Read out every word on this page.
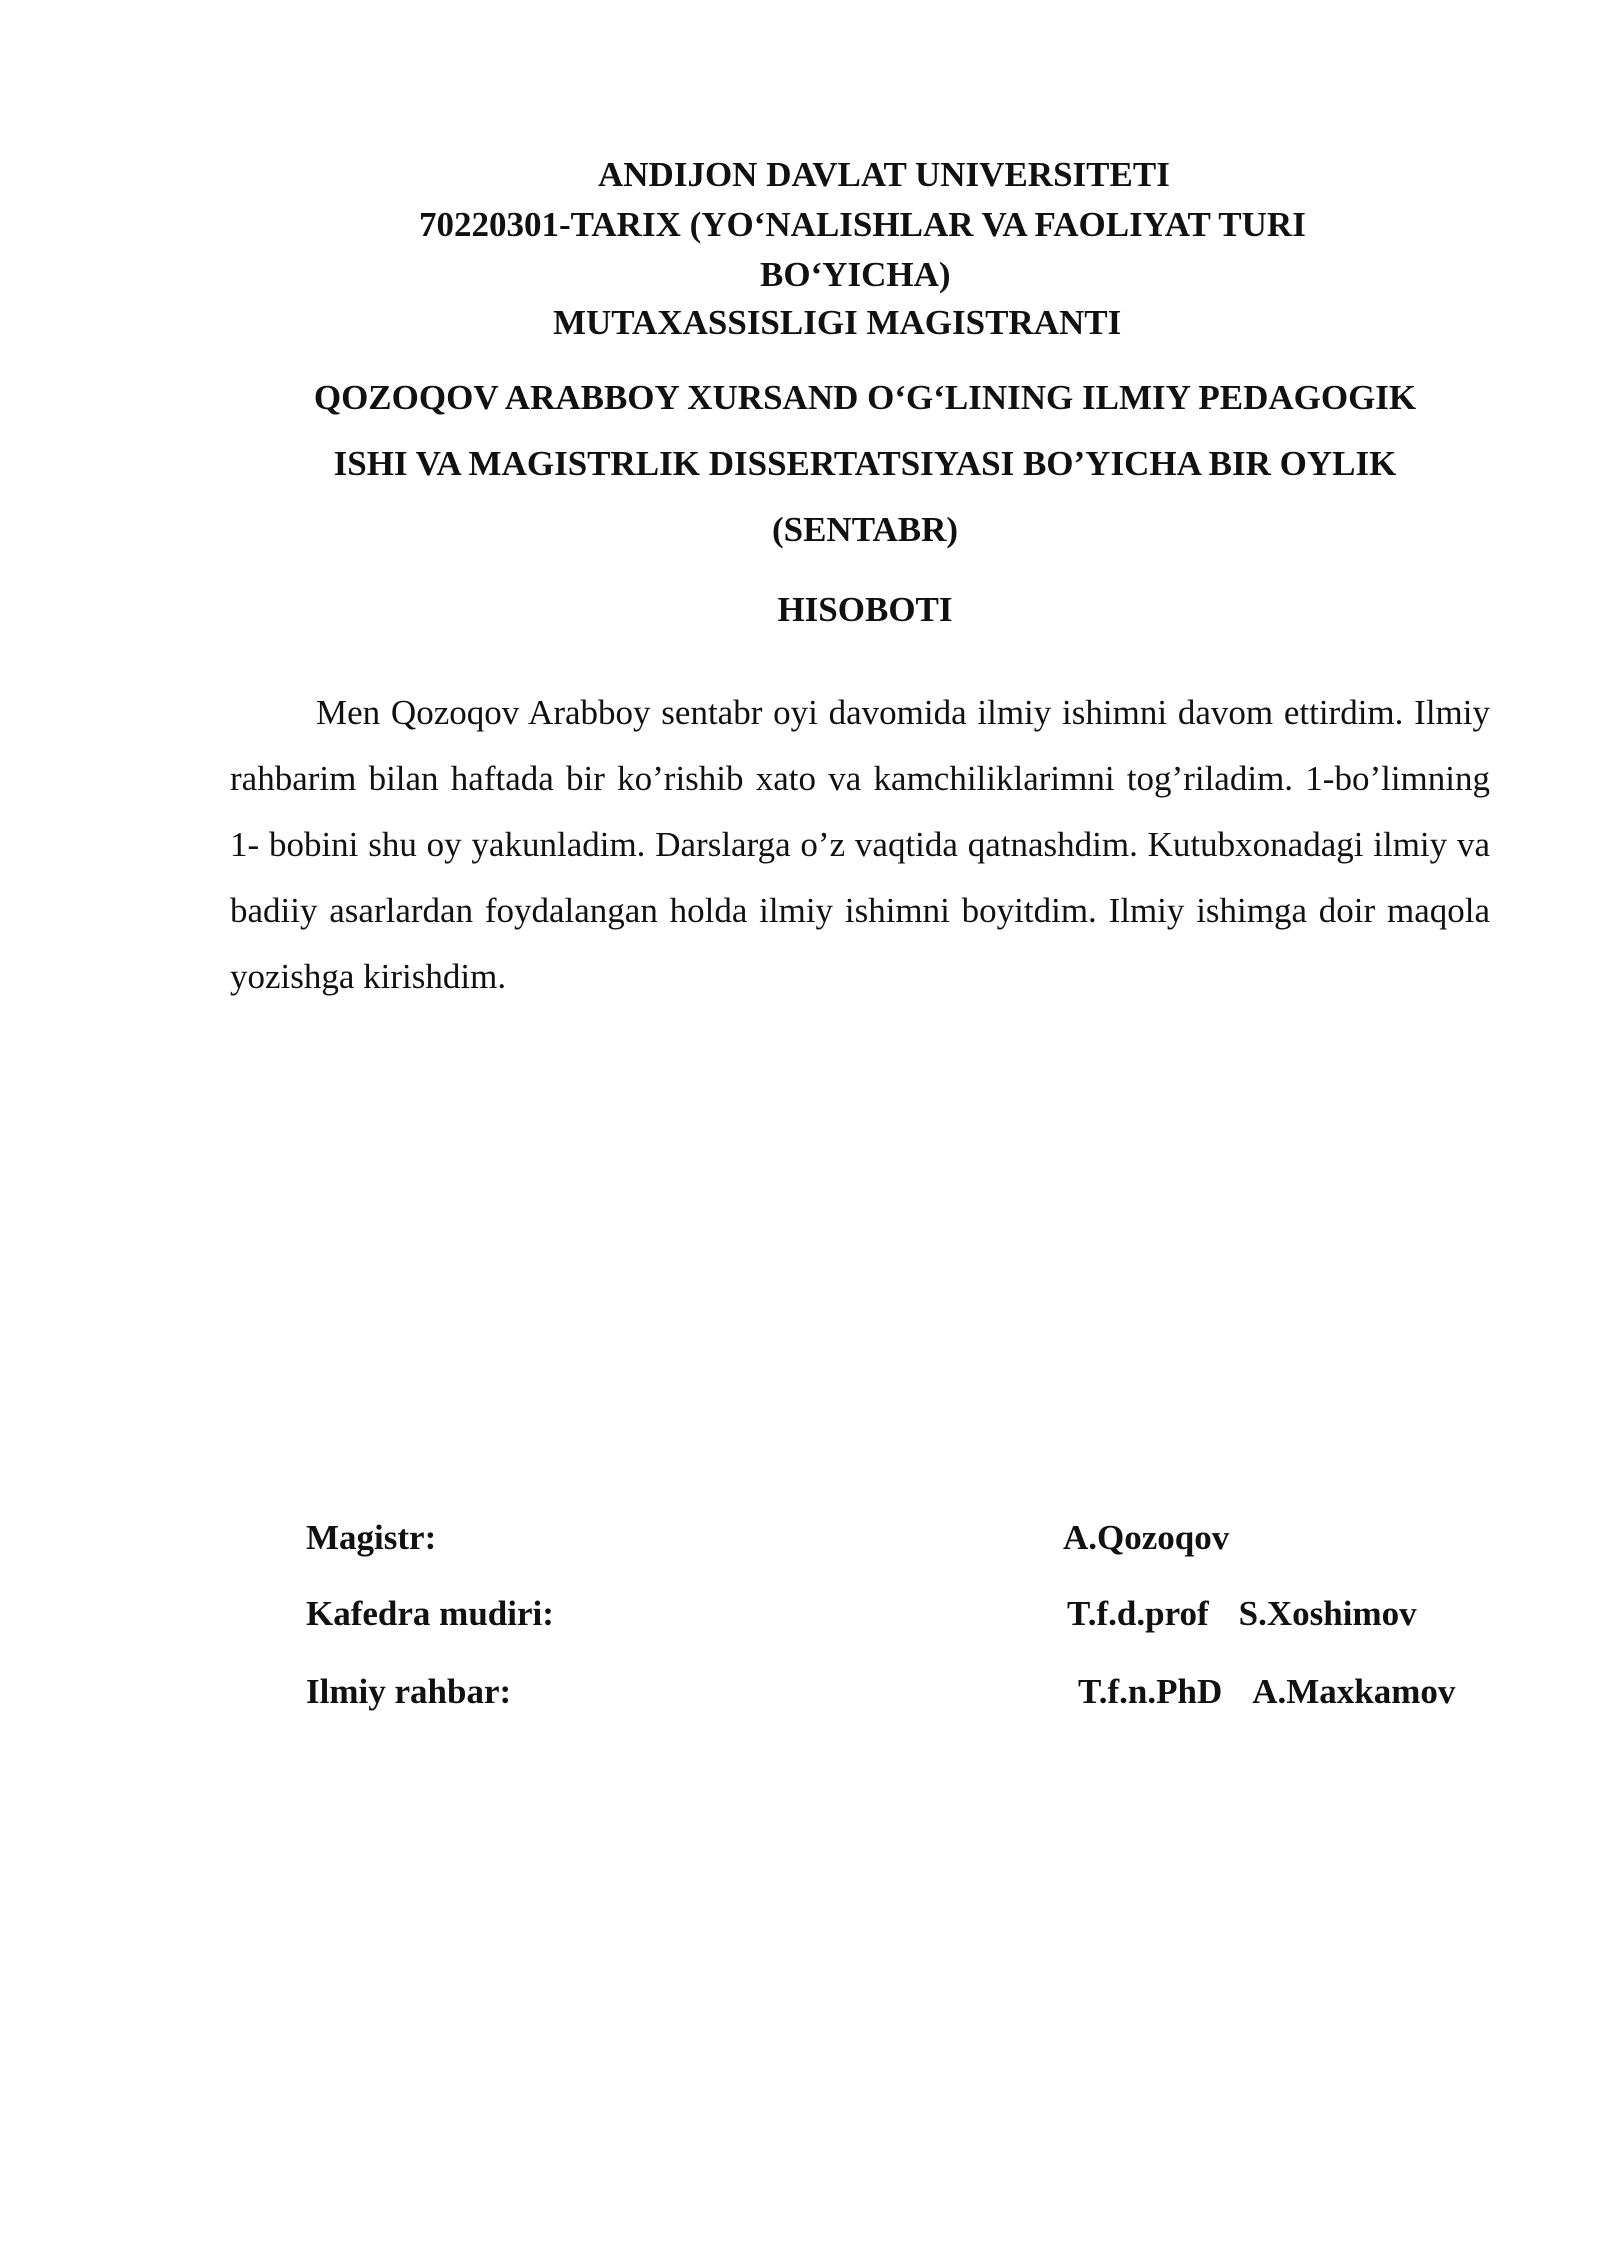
ANDIJON DAVLAT UNIVERSITETI
70220301-TARIX (YO‘NALISHLAR VA FAOLIYAT TURI
BO‘YICHA)
MUTAXASSISLIGI MAGISTRANTI
QOZOQOV ARABBOY XURSAND O‘G‘LINING ILMIY PEDAGOGIK
ISHI VA MAGISTRLIK DISSERTATSIYASI BO’YICHA BIR OYLIK
(SENTABR)
HISOBOTI

Men Qozoqov Arabboy sentabr oyi davomida ilmiy ishimni davom ettirdim. Ilmiy rahbarim bilan haftada bir ko’rishib xato va kamchiliklarimni tog’riladim. 1-bo’limning 1- bobini shu oy yakunladim. Darslarga o’z vaqtida qatnashdim. Kutubxonadagi ilmiy va badiiy asarlardan foydalangan holda ilmiy ishimni boyitdim. Ilmiy ishimga doir maqola yozishga kirishdim.

Magistr:	A.Qozoqov
Kafedra mudiri:	T.f.d.prof S.Xoshimov
Ilmiy rahbar:	T.f.n.PhD A.Maxkamov
